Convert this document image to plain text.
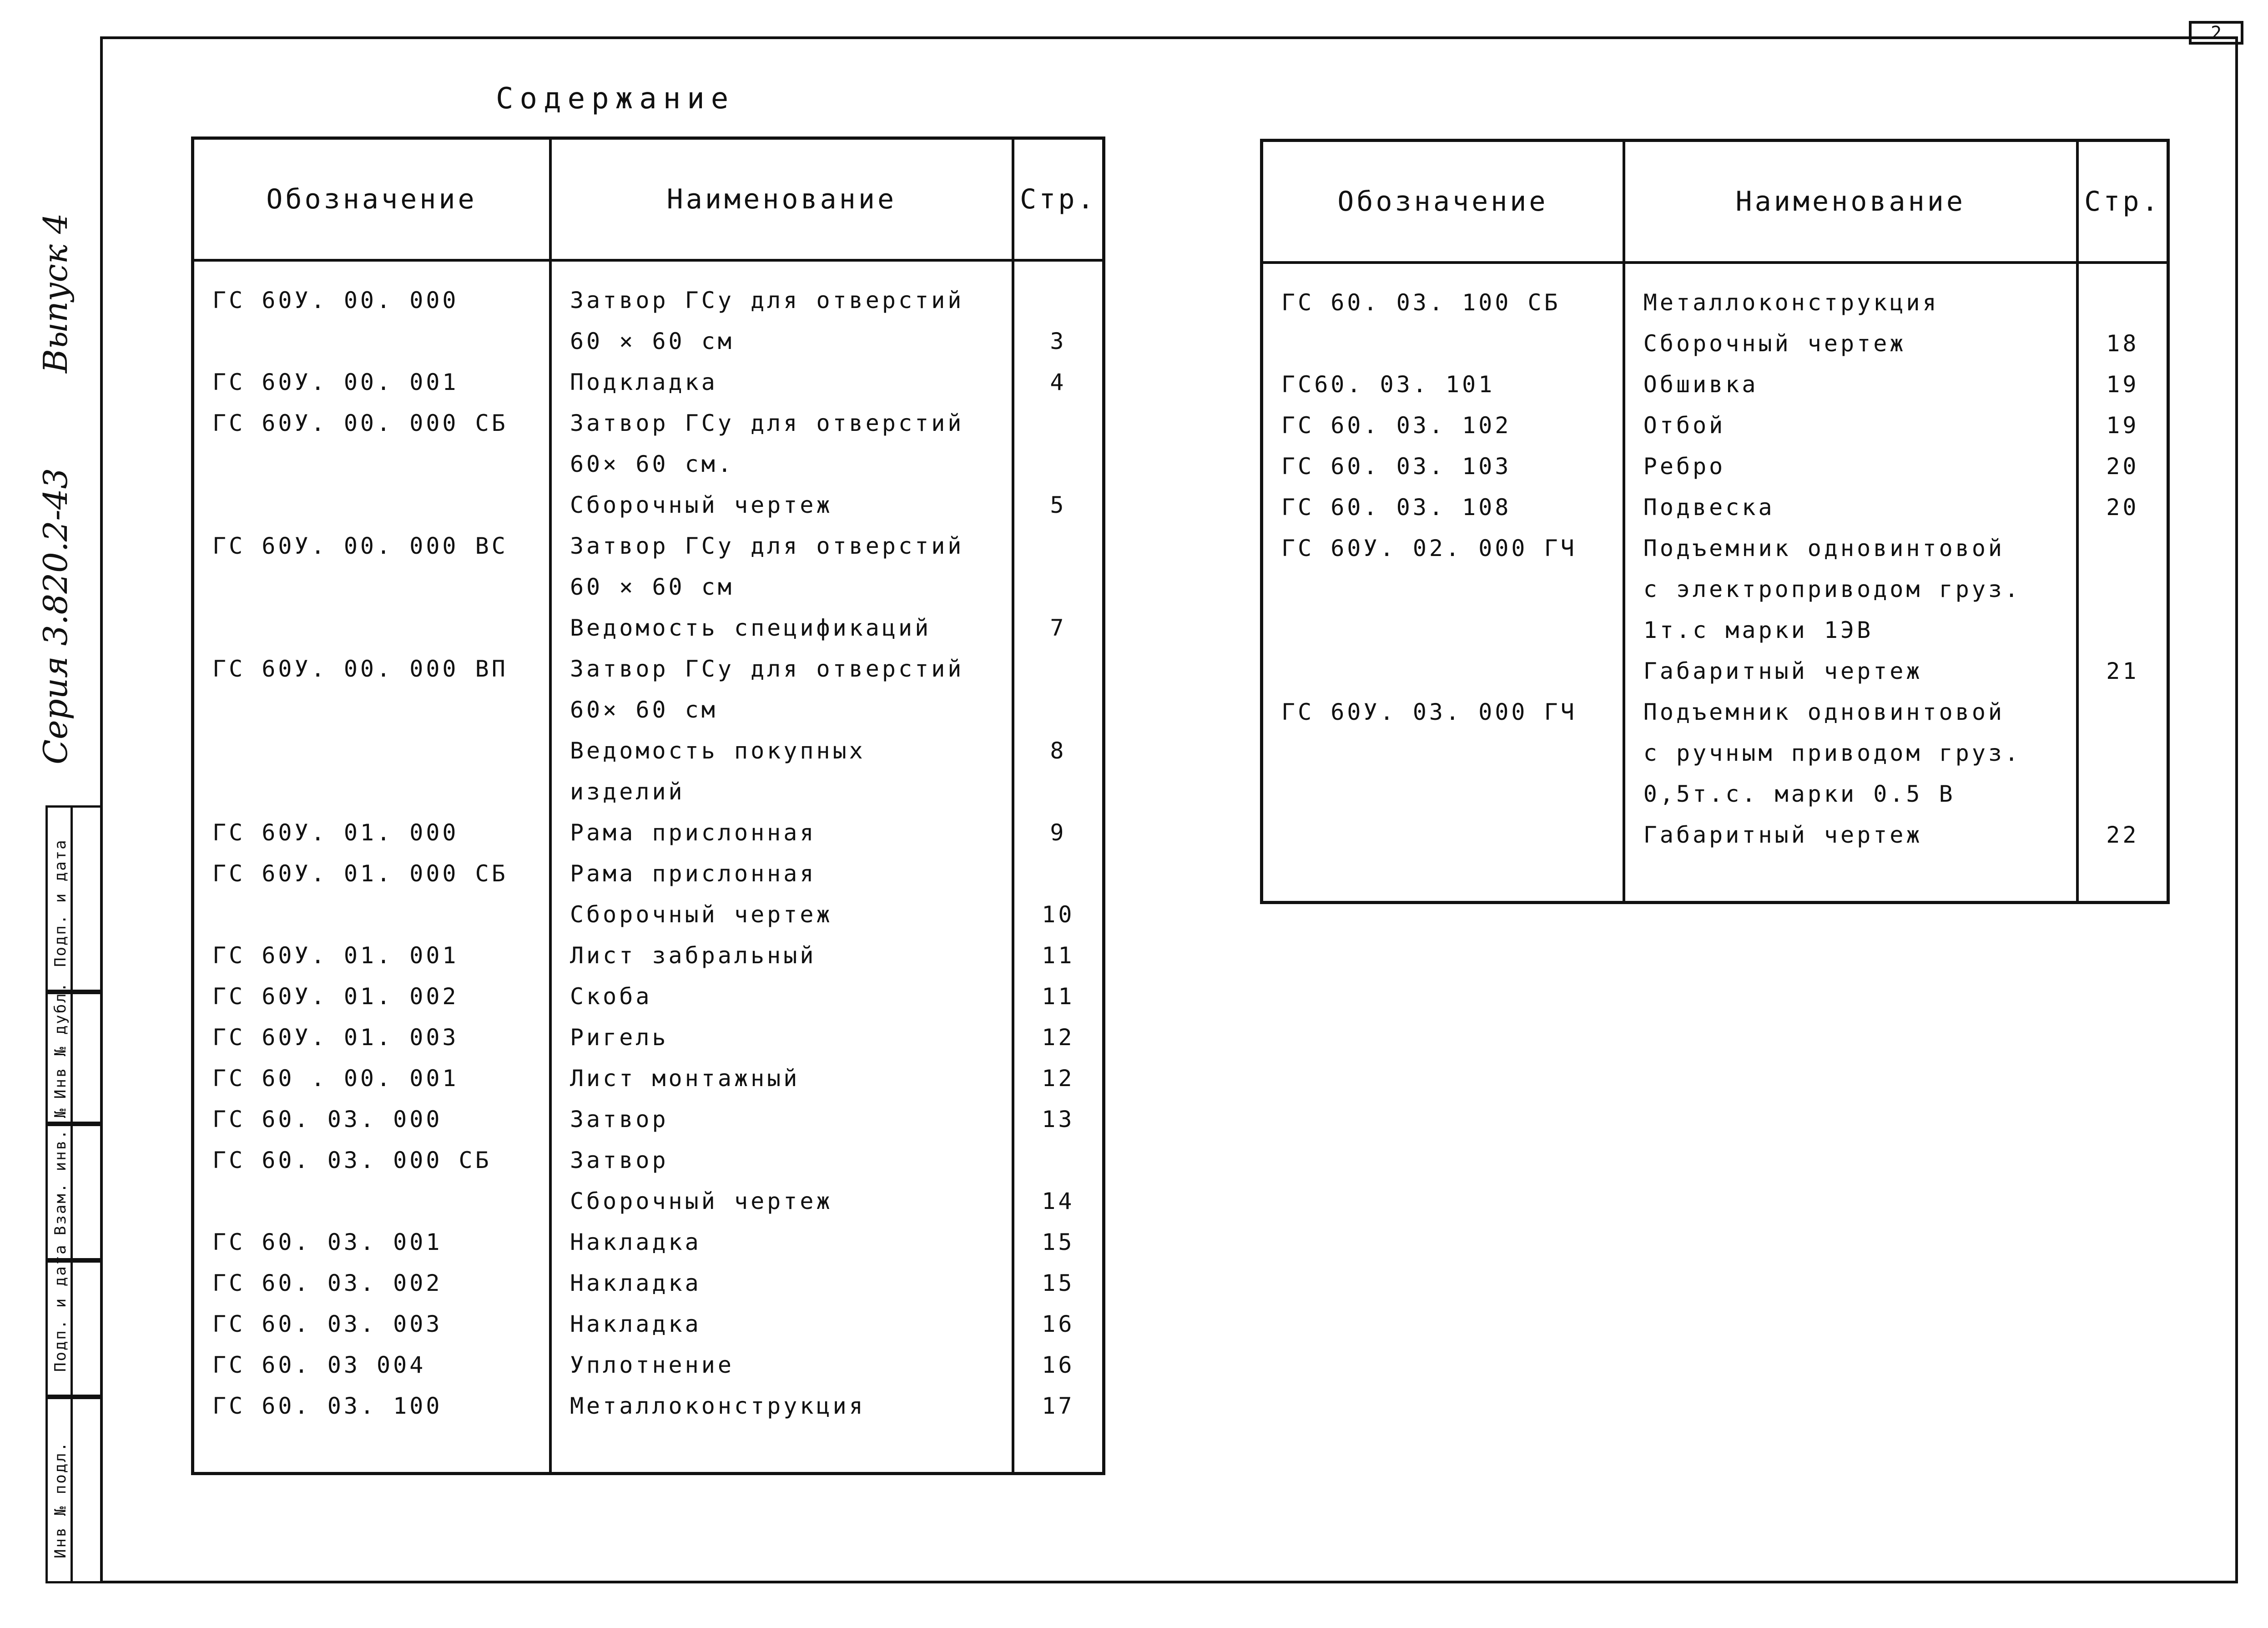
2
Выпуск 4
Серия 3.820.2-43
Инв № подл.
Подп. и дата
Взам. инв. №
Инв № дубл.
Подп. и дата
Содержание
Обозначение	Наименование	Стр.
ГС 60У. 00. 000	Затвор ГСу для отверстий
60 × 60 см	3
ГС 60У. 00. 001	Подкладка	4
ГС 60У. 00. 000 СБ	Затвор ГСу для отверстий
60× 60 см.
Сборочный чертеж	5
ГС 60У. 00. 000 ВС	Затвор ГСу для отверстий
60 × 60 см
Ведомость спецификаций	7
ГС 60У. 00. 000 ВП	Затвор ГСу для отверстий
60× 60 см
Ведомость покупных изделий	8
ГС 60У. 01. 000	Рама прислонная	9
ГС 60У. 01. 000 СБ	Рама прислонная
Сборочный чертеж	10
ГС 60У. 01. 001	Лист забральный	11
ГС 60У. 01. 002	Скоба	11
ГС 60У. 01. 003	Ригель	12
ГС 60 . 00. 001	Лист монтажный	12
ГС 60. 03. 000	Затвор	13
ГС 60. 03. 000 СБ	Затвор
Сборочный чертеж	14
ГС 60. 03. 001	Накладка	15
ГС 60. 03. 002	Накладка	15
ГС 60. 03. 003	Накладка	16
ГС 60. 03 004	Уплотнение	16
ГС 60. 03. 100	Металлоконструкция	17

Обозначение	Наименование	Стр.
ГС 60. 03. 100 СБ	Металлоконструкция
Сборочный чертеж	18
ГС60. 03. 101	Обшивка	19
ГС 60. 03. 102	Отбой	19
ГС 60. 03. 103	Ребро	20
ГС 60. 03. 108	Подвеска	20
ГС 60У. 02. 000 ГЧ	Подъемник одновинтовой
с электроприводом груз.
1т.с марки 1ЭВ
Габаритный чертеж	21
ГС 60У. 03. 000 ГЧ	Подъемник одновинтовой
с ручным приводом груз.
0,5т.с. марки 0.5 В
Габаритный чертеж	22
